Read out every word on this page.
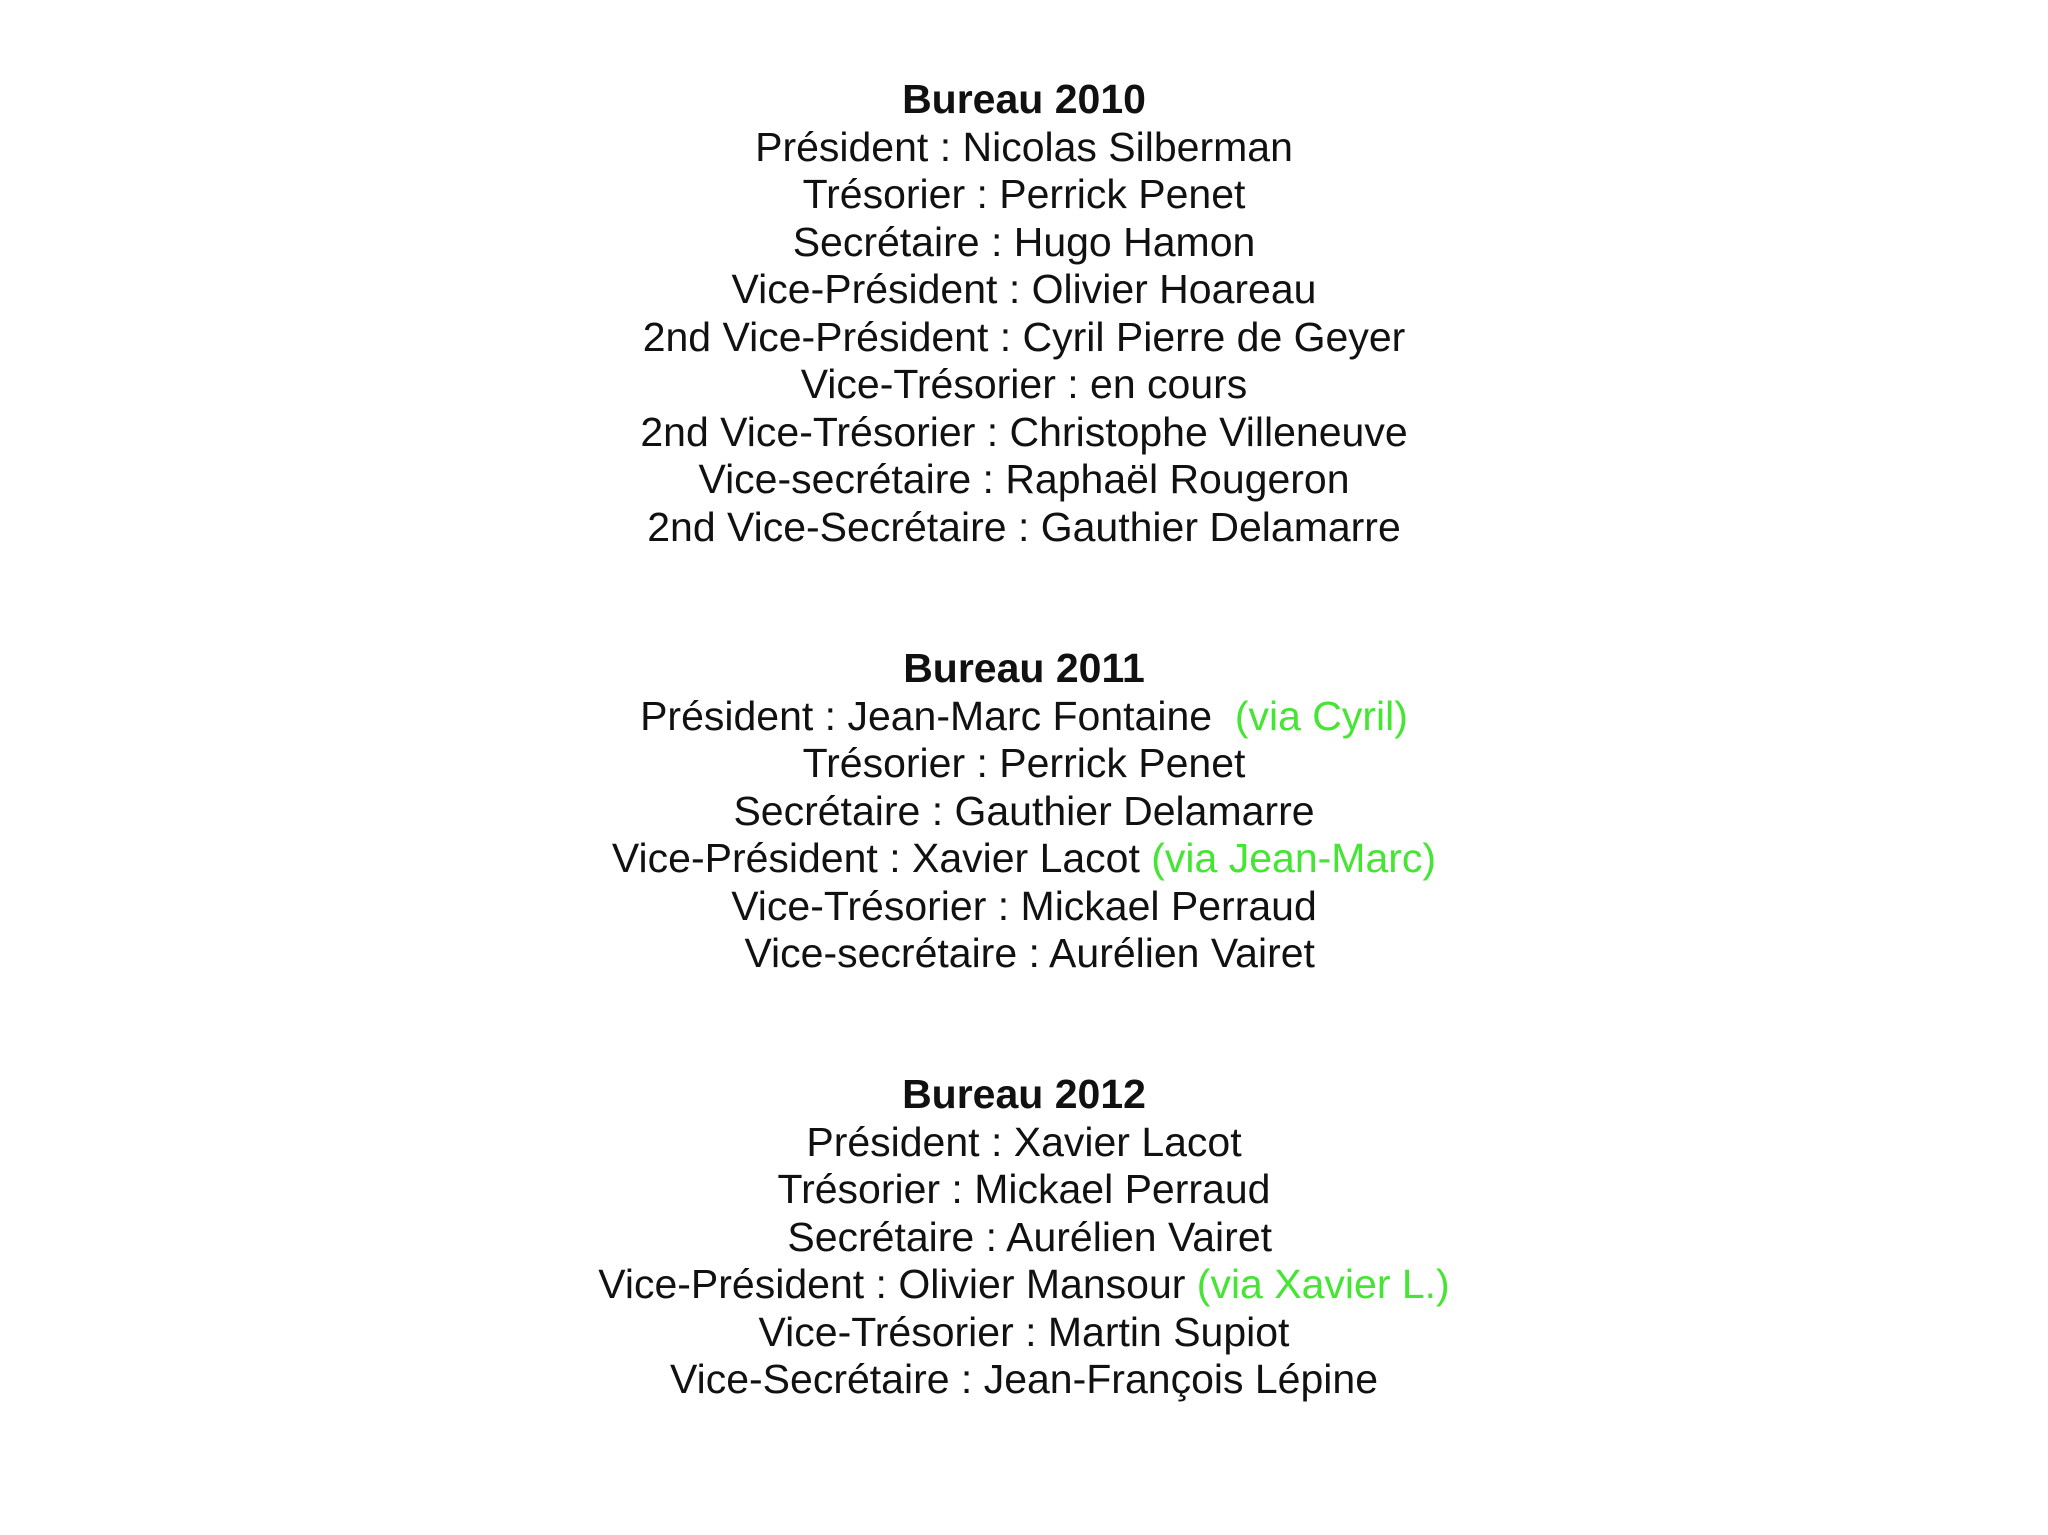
Bureau 2010
Président : Nicolas Silberman
Trésorier : Perrick Penet
Secrétaire : Hugo Hamon
Vice-Président : Olivier Hoareau
2nd Vice-Président : Cyril Pierre de Geyer
Vice-Trésorier : en cours
2nd Vice-Trésorier : Christophe Villeneuve
Vice-secrétaire : Raphaël Rougeron
2nd Vice-Secrétaire : Gauthier Delamarre
Bureau 2011
Président : Jean-Marc Fontaine  (via Cyril)
Trésorier : Perrick Penet
Secrétaire : Gauthier Delamarre
Vice-Président : Xavier Lacot (via Jean-Marc)
Vice-Trésorier : Mickael Perraud
Vice-secrétaire : Aurélien Vairet
Bureau 2012
Président : Xavier Lacot
Trésorier : Mickael Perraud
Secrétaire : Aurélien Vairet
Vice-Président : Olivier Mansour (via Xavier L.)
Vice-Trésorier : Martin Supiot
Vice-Secrétaire : Jean-François Lépine
